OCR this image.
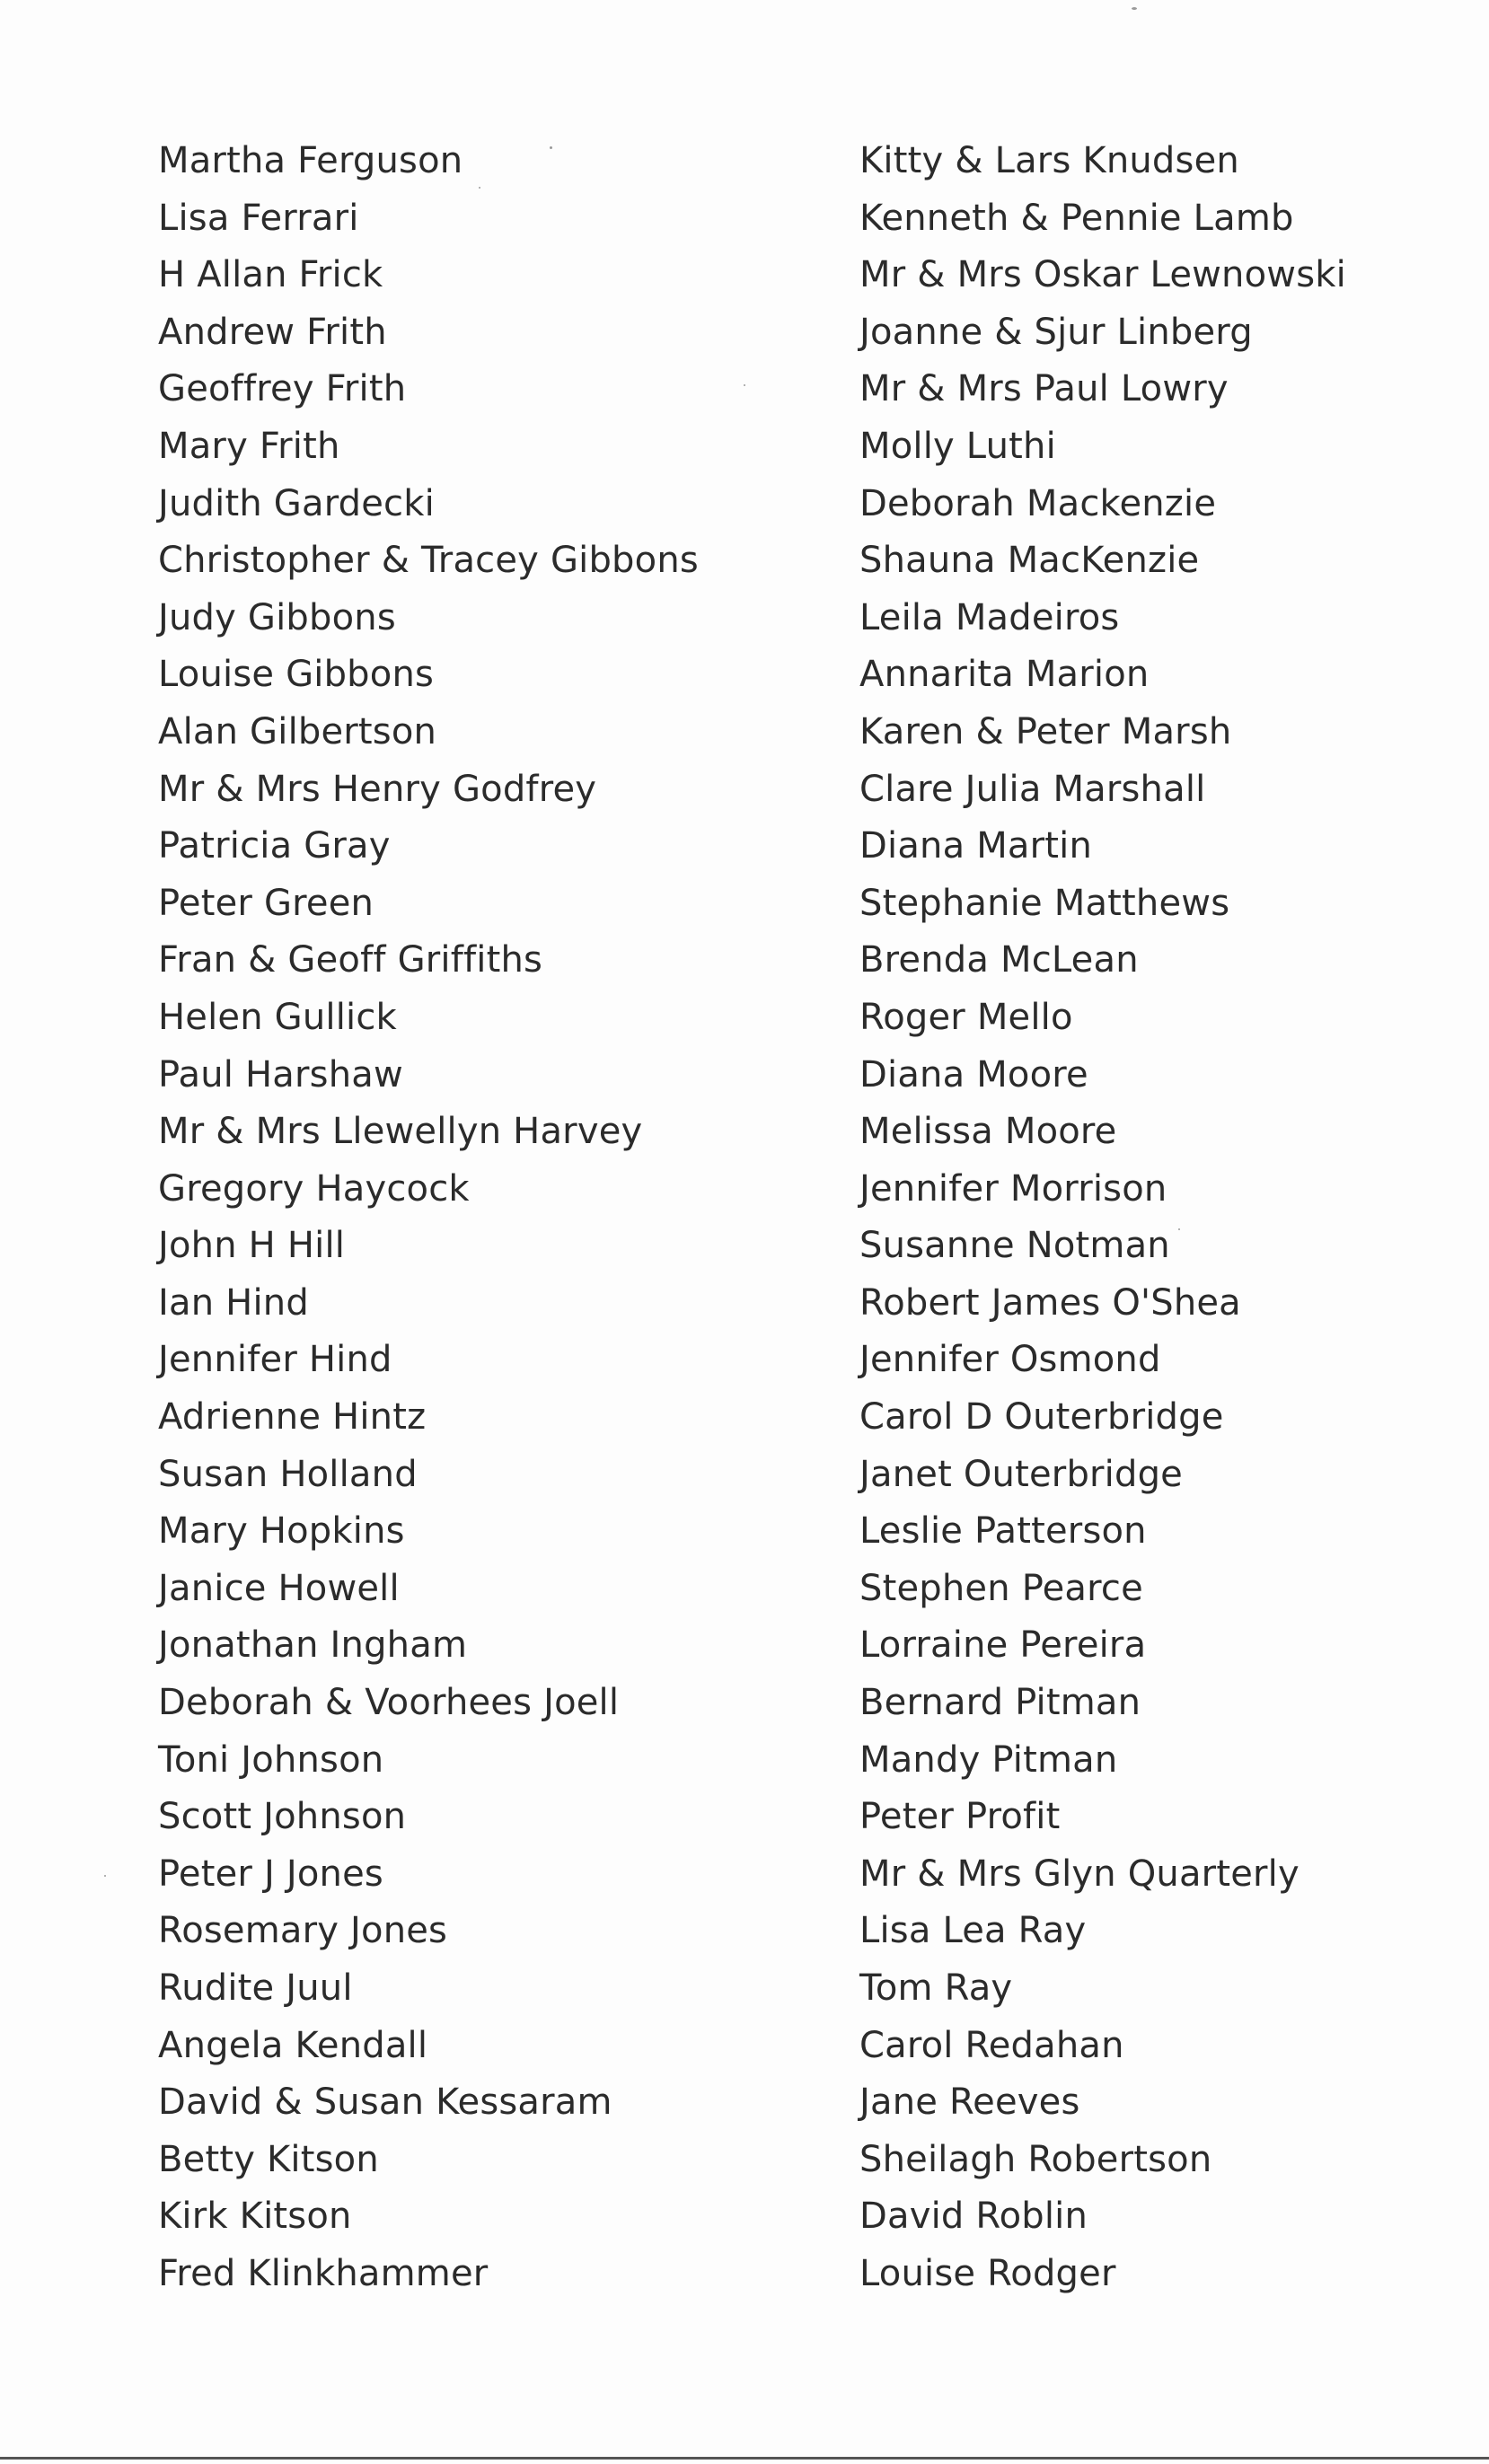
Martha Ferguson
Lisa Ferrari
H Allan Frick
Andrew Frith
Geoffrey Frith
Mary Frith
Judith Gardecki
Christopher & Tracey Gibbons
Judy Gibbons
Louise Gibbons
Alan Gilbertson
Mr & Mrs Henry Godfrey
Patricia Gray
Peter Green
Fran & Geoff Griffiths
Helen Gullick
Paul Harshaw
Mr & Mrs Llewellyn Harvey
Gregory Haycock
John H Hill
Ian Hind
Jennifer Hind
Adrienne Hintz
Susan Holland
Mary Hopkins
Janice Howell
Jonathan Ingham
Deborah & Voorhees Joell
Toni Johnson
Scott Johnson
Peter J Jones
Rosemary Jones
Rudite Juul
Angela Kendall
David & Susan Kessaram
Betty Kitson
Kirk Kitson
Fred Klinkhammer
Kitty & Lars Knudsen
Kenneth & Pennie Lamb
Mr & Mrs Oskar Lewnowski
Joanne & Sjur Linberg
Mr & Mrs Paul Lowry
Molly Luthi
Deborah Mackenzie
Shauna MacKenzie
Leila Madeiros
Annarita Marion
Karen & Peter Marsh
Clare Julia Marshall
Diana Martin
Stephanie Matthews
Brenda McLean
Roger Mello
Diana Moore
Melissa Moore
Jennifer Morrison
Susanne Notman
Robert James O'Shea
Jennifer Osmond
Carol D Outerbridge
Janet Outerbridge
Leslie Patterson
Stephen Pearce
Lorraine Pereira
Bernard Pitman
Mandy Pitman
Peter Profit
Mr & Mrs Glyn Quarterly
Lisa Lea Ray
Tom Ray
Carol Redahan
Jane Reeves
Sheilagh Robertson
David Roblin
Louise Rodger
